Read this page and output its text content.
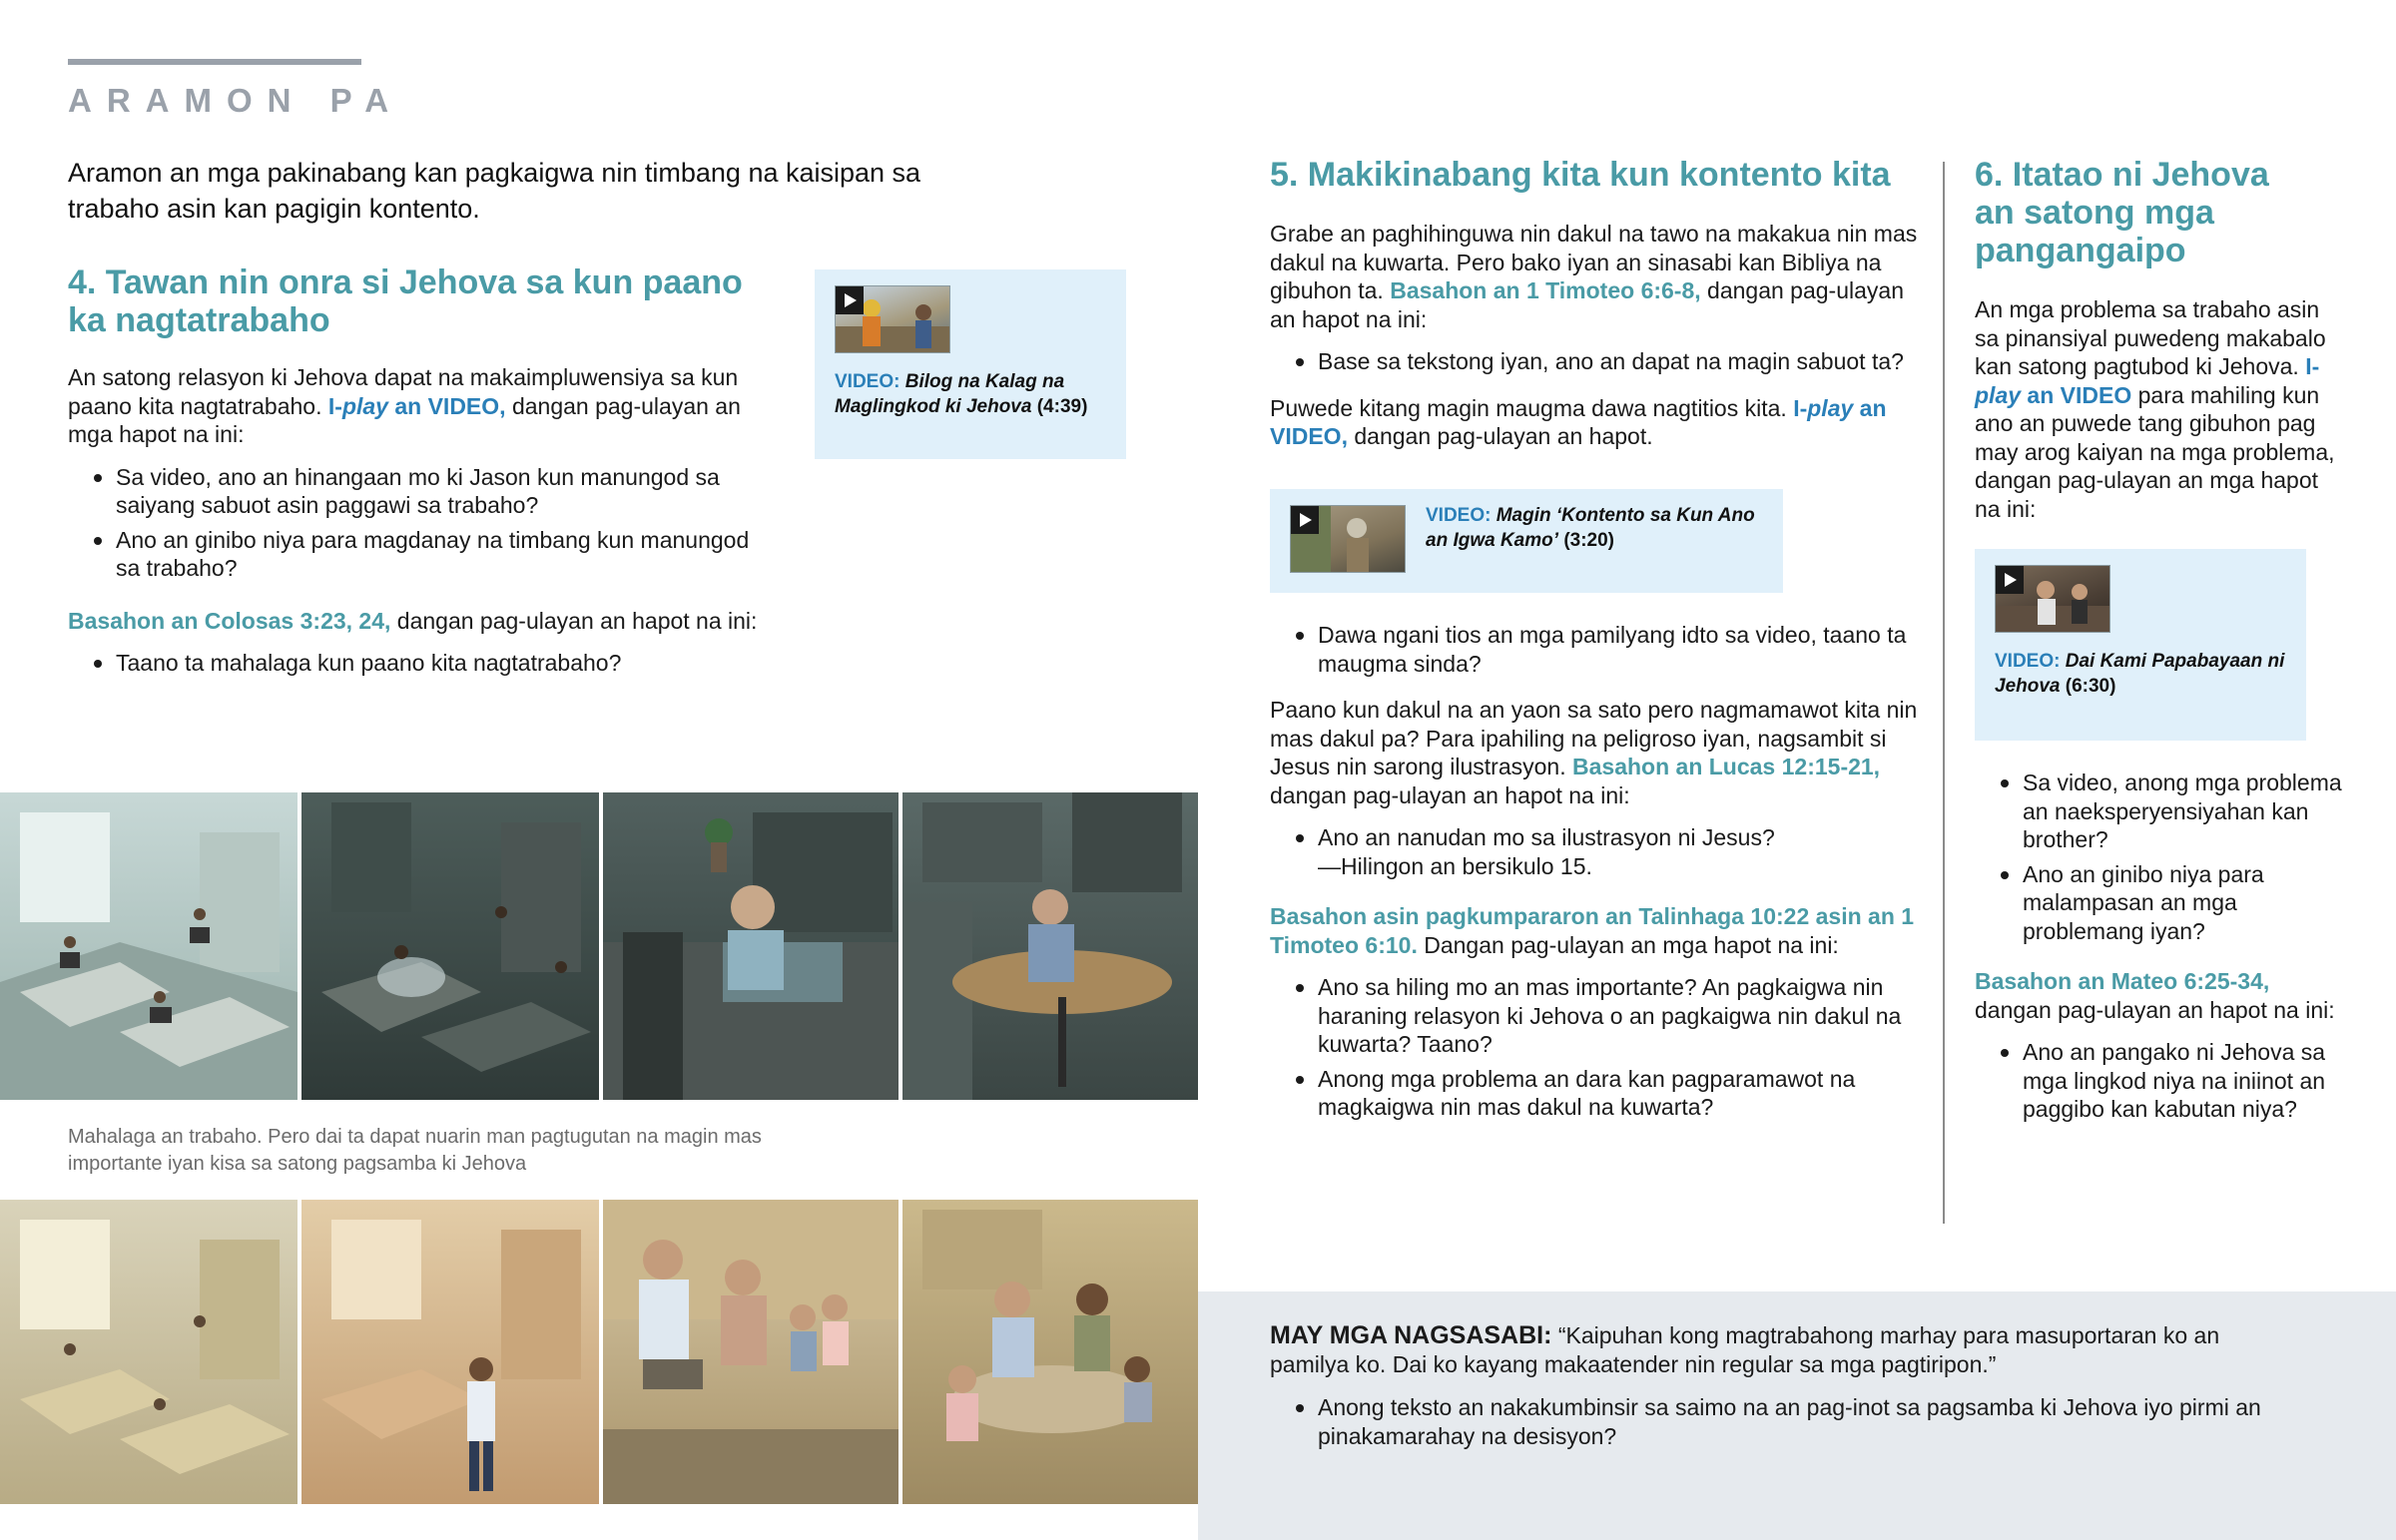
ARAMON PA
Aramon an mga pakinabang kan pagkaigwa nin timbang na kaisipan sa trabaho asin kan pagigin kontento.
4. Tawan nin onra si Jehova sa kun paano ka nagtatrabaho

An satong relasyon ki Jehova dapat na makaimpluwensiya sa kun paano kita nagtatrabaho. I-play an VIDEO, dangan pag-ulayan an mga hapot na ini:

Sa video, ano an hinangaan mo ki Jason kun manungod sa saiyang sabuot asin paggawi sa trabaho?
Ano an ginibo niya para magdanay na timbang kun manungod sa trabaho?

Basahon an Colosas 3:23, 24, dangan pag-ulayan an hapot na ini:

Taano ta mahalaga kun paano kita nagtatrabaho?
VIDEO: Bilog na Kalag na Maglingkod ki Jehova (4:39)
Mahalaga an trabaho. Pero dai ta dapat nuarin man pagtugutan na magin mas importante iyan kisa sa satong pagsamba ki Jehova
5. Makikinabang kita kun kontento kita

Grabe an paghihinguwa nin dakul na tawo na makakua nin mas dakul na kuwarta. Pero bako iyan an sinasabi kan Bibliya na gibuhon ta. Basahon an 1 Timoteo 6:6-8, dangan pag-ulayan an hapot na ini:

Base sa tekstong iyan, ano an dapat na magin sabuot ta?

Puwede kitang magin maugma dawa nagtitios kita. I-play an VIDEO, dangan pag-ulayan an hapot.

VIDEO: Magin ‘Kontento sa Kun Ano an Igwa Kamo’ (3:20)
Dawa ngani tios an mga pamilyang idto sa video, taano ta maugma sinda?

Paano kun dakul na an yaon sa sato pero nagmamawot kita nin mas dakul pa? Para ipahiling na peligroso iyan, nagsambit si Jesus nin sarong ilustrasyon. Basahon an Lucas 12:15-21, dangan pag-ulayan an hapot na ini:

Ano an nanudan mo sa ilustrasyon ni Jesus?
—Hilingon an bersikulo 15.

Basahon asin pagkumpararon an Talinhaga 10:22 asin an 1 Timoteo 6:10. Dangan pag-ulayan an mga hapot na ini:

Ano sa hiling mo an mas importante? An pagkaigwa nin haraning relasyon ki Jehova o an pagkaigwa nin dakul na kuwarta? Taano?
Anong mga problema an dara kan pagparamawot na magkaigwa nin mas dakul na kuwarta?
6. Itatao ni Jehova an satong mga pangangaipo

An mga problema sa trabaho asin sa pinansiyal puwedeng makabalo kan satong pagtubod ki Jehova. I-play an VIDEO para mahiling kun ano an puwede tang gibuhon pag may arog kaiyan na mga problema, dangan pag-ulayan an mga hapot na ini:

VIDEO: Dai Kami Papabayaan ni Jehova (6:30)
Sa video, anong mga problema an naeksperyensiyahan kan brother?
Ano an ginibo niya para malampasan an mga problemang iyan?

Basahon an Mateo 6:25-34, dangan pag-ulayan an hapot na ini:

Ano an pangako ni Jehova sa mga lingkod niya na iniinot an paggibo kan kabutan niya?

MAY MGA NAGSASABI: “Kaipuhan kong magtrabahong marhay para masuportaran ko an pamilya ko. Dai ko kayang makaatender nin regular sa mga pagtiripon.”

Anong teksto an nakakumbinsir sa saimo na an pag-inot sa pagsamba ki Jehova iyo pirmi an pinakamarahay na desisyon?
